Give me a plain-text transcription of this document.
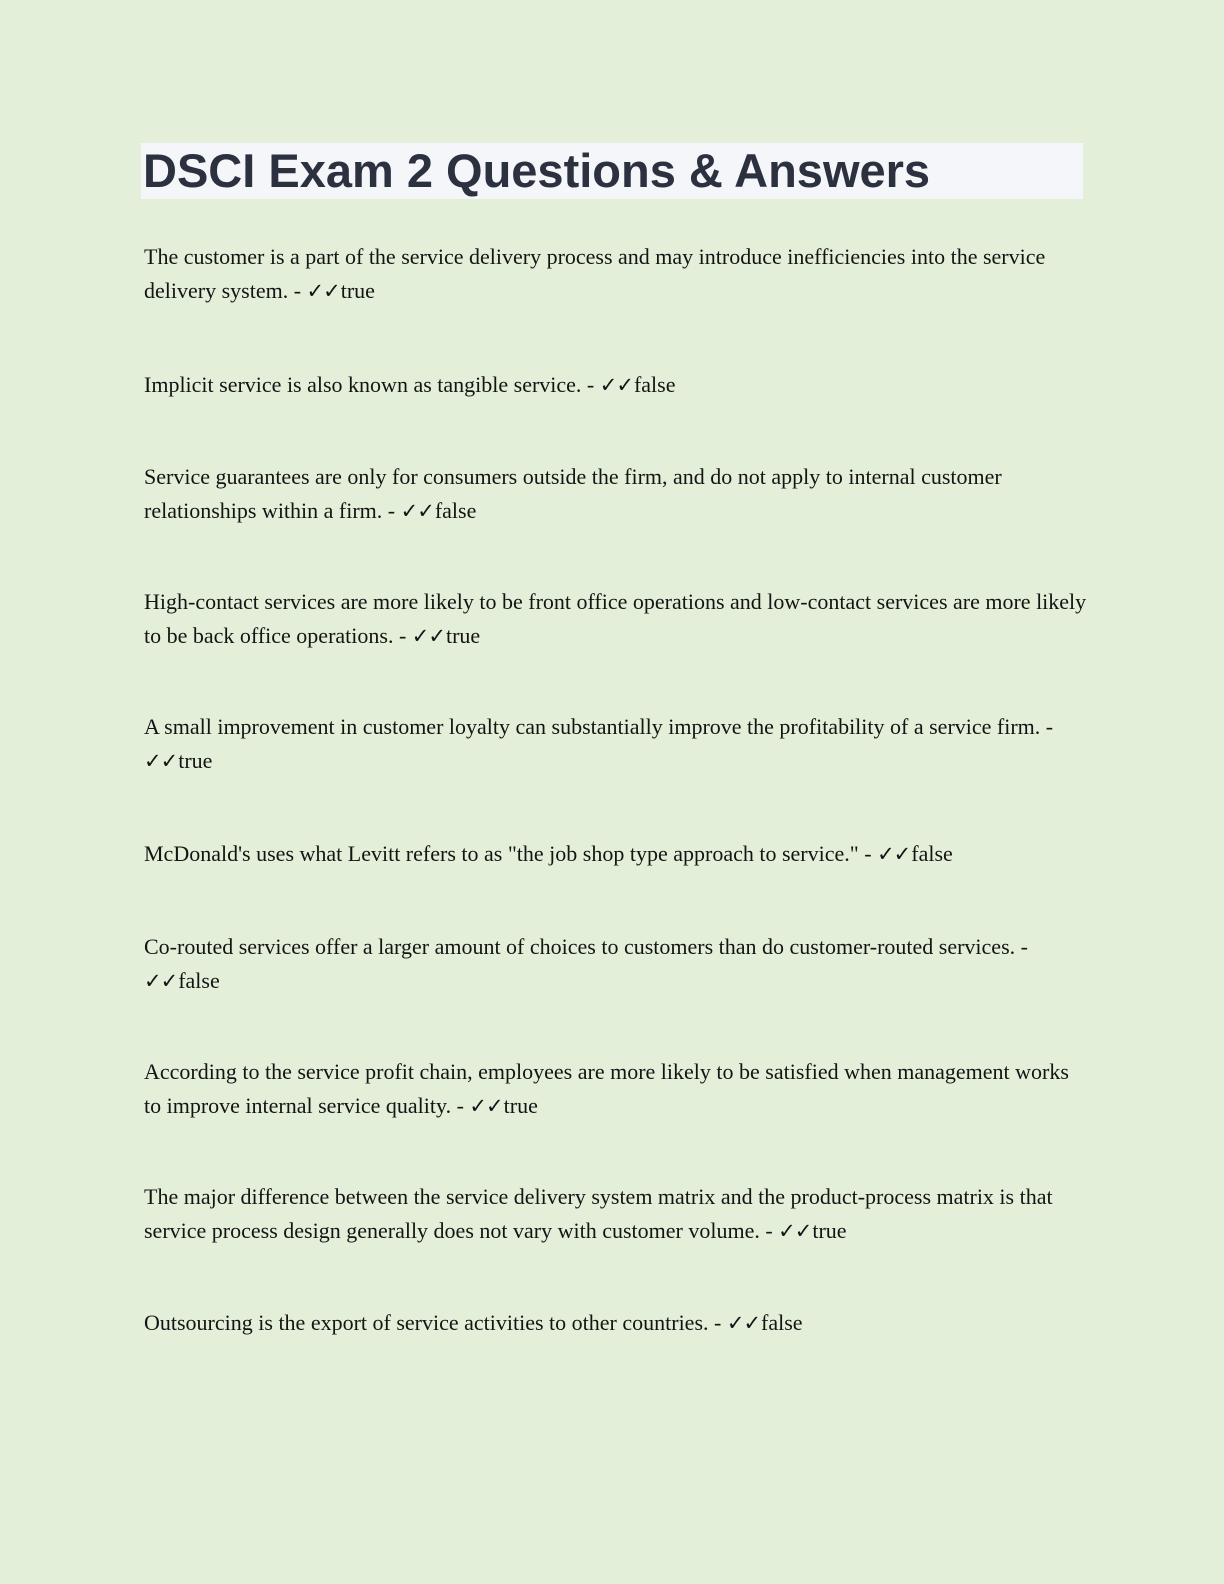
DSCI Exam 2 Questions & Answers

The customer is a part of the service delivery process and may introduce inefficiencies into the service delivery system. - ✓✓true

Implicit service is also known as tangible service. - ✓✓false

Service guarantees are only for consumers outside the firm, and do not apply to internal customer relationships within a firm. - ✓✓false

High-contact services are more likely to be front office operations and low-contact services are more likely to be back office operations. - ✓✓true

A small improvement in customer loyalty can substantially improve the profitability of a service firm. - ✓✓true

McDonald's uses what Levitt refers to as "the job shop type approach to service." - ✓✓false

Co-routed services offer a larger amount of choices to customers than do customer-routed services. - ✓✓false

According to the service profit chain, employees are more likely to be satisfied when management works to improve internal service quality. - ✓✓true

The major difference between the service delivery system matrix and the product-process matrix is that service process design generally does not vary with customer volume. - ✓✓true

Outsourcing is the export of service activities to other countries. - ✓✓false
